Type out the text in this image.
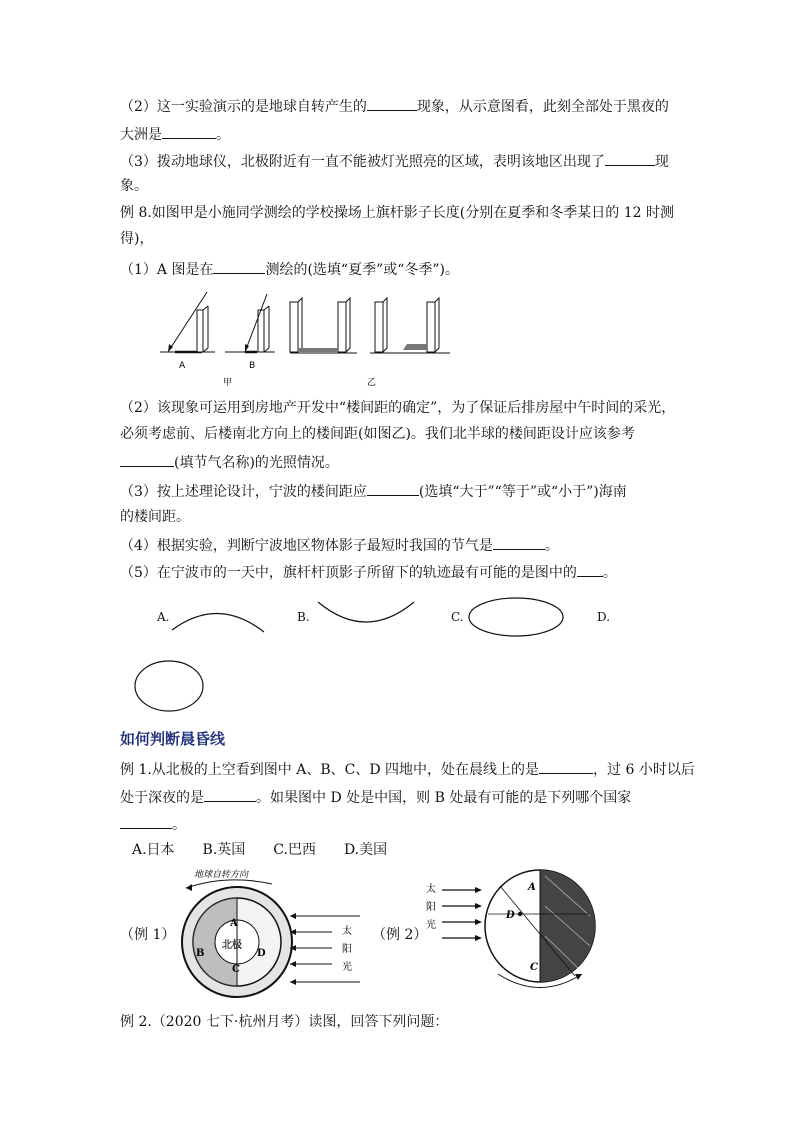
（2）这一实验演示的是地球自转产生的	现象，从示意图看，此刻全部处于黑夜的
大洲是	。
（3）拨动地球仪，北极附近有一直不能被灯光照亮的区域，表明该地区出现了	现
象。
例 8.如图甲是小施同学测绘的学校操场上旗杆影子长度(分别在夏季和冬季某日的 12 时测
得)，
（1）A 图是在	测绘的(选填“夏季”或“冬季”)。
A	B
甲	乙
（2）该现象可运用到房地产开发中“楼间距的确定”，为了保证后排房屋中午时间的采光，
必须考虑前、后楼南北方向上的楼间距(如图乙)。我们北半球的楼间距设计应该参考
(填节气名称)的光照情况。
（3）按上述理论设计，宁波的楼间距应	(选填“大于”“等于”或“小于”)海南
的楼间距。
（4）根据实验，判断宁波地区物体影子最短时我国的节气是	。
（5）在宁波市的一天中，旗杆杆顶影子所留下的轨迹最有可能的是图中的 。
A.	B.	C.	D.
如何判断晨昏线
例 1.从北极的上空看到图中 A、B、C、D 四地中，处在晨线上的是	，过 6 小时以后
处于深夜的是	。如果图中 D 处是中国，则 B 处最有可能的是下列哪个国家
。
A.日本　　B.英国　　C.巴西　　D.美国
（例 1）
地球自转方向
A
B
C
D
北极
太
阳
光
（例 2）
太
阳
光
A
D
C
例 2.（2020 七下·杭州月考）读图，回答下列问题：
